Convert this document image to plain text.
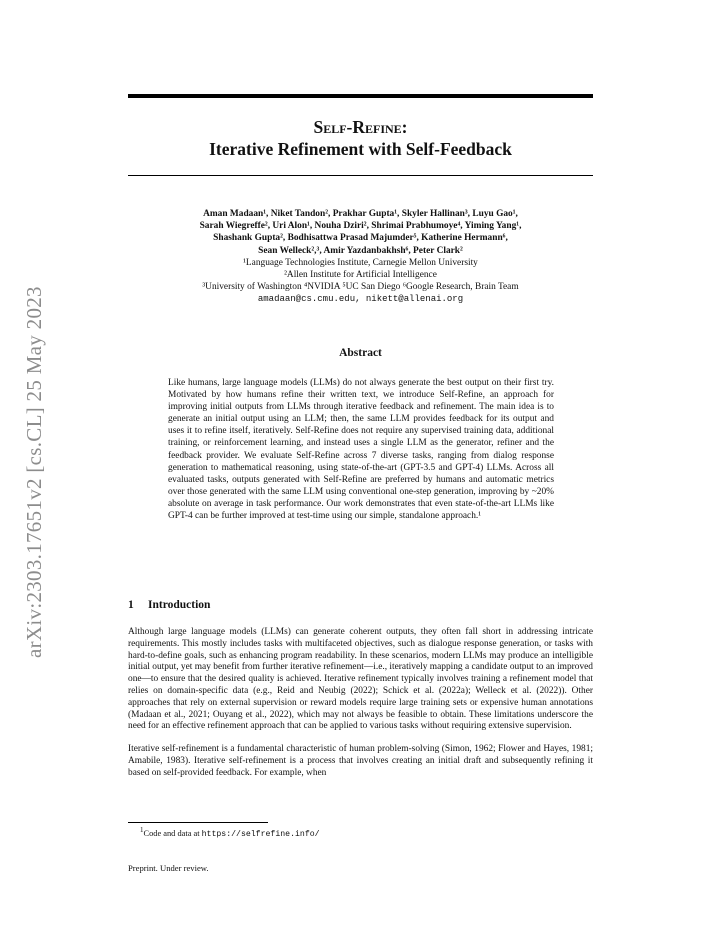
arXiv:2303.17651v2 [cs.CL] 25 May 2023
Self-Refine:
Iterative Refinement with Self-Feedback
Aman Madaan¹, Niket Tandon², Prakhar Gupta¹, Skyler Hallinan³, Luyu Gao¹,
Sarah Wiegreffe², Uri Alon¹, Nouha Dziri², Shrimai Prabhumoye⁴, Yiming Yang¹,
Shashank Gupta², Bodhisattwa Prasad Majumder⁵, Katherine Hermann⁶,
Sean Welleck²,³, Amir Yazdanbakhsh⁶, Peter Clark²
¹Language Technologies Institute, Carnegie Mellon University
²Allen Institute for Artificial Intelligence
³University of Washington ⁴NVIDIA ⁵UC San Diego ⁶Google Research, Brain Team
amadaan@cs.cmu.edu, nikett@allenai.org
Abstract
Like humans, large language models (LLMs) do not always generate the best output on their first try. Motivated by how humans refine their written text, we introduce Self-Refine, an approach for improving initial outputs from LLMs through iterative feedback and refinement. The main idea is to generate an initial output using an LLM; then, the same LLM provides feedback for its output and uses it to refine itself, iteratively. Self-Refine does not require any supervised training data, additional training, or reinforcement learning, and instead uses a single LLM as the generator, refiner and the feedback provider. We evaluate Self-Refine across 7 diverse tasks, ranging from dialog response generation to mathematical reasoning, using state-of-the-art (GPT-3.5 and GPT-4) LLMs. Across all evaluated tasks, outputs generated with Self-Refine are preferred by humans and automatic metrics over those generated with the same LLM using conventional one-step generation, improving by ~20% absolute on average in task performance. Our work demonstrates that even state-of-the-art LLMs like GPT-4 can be further improved at test-time using our simple, standalone approach.¹
1 Introduction
Although large language models (LLMs) can generate coherent outputs, they often fall short in addressing intricate requirements. This mostly includes tasks with multifaceted objectives, such as dialogue response generation, or tasks with hard-to-define goals, such as enhancing program readability. In these scenarios, modern LLMs may produce an intelligible initial output, yet may benefit from further iterative refinement—i.e., iteratively mapping a candidate output to an improved one—to ensure that the desired quality is achieved. Iterative refinement typically involves training a refinement model that relies on domain-specific data (e.g., Reid and Neubig (2022); Schick et al. (2022a); Welleck et al. (2022)). Other approaches that rely on external supervision or reward models require large training sets or expensive human annotations (Madaan et al., 2021; Ouyang et al., 2022), which may not always be feasible to obtain. These limitations underscore the need for an effective refinement approach that can be applied to various tasks without requiring extensive supervision.
Iterative self-refinement is a fundamental characteristic of human problem-solving (Simon, 1962; Flower and Hayes, 1981; Amabile, 1983). Iterative self-refinement is a process that involves creating an initial draft and subsequently refining it based on self-provided feedback. For example, when
$^1$Code and data at https://selfrefine.info/
Preprint. Under review.
